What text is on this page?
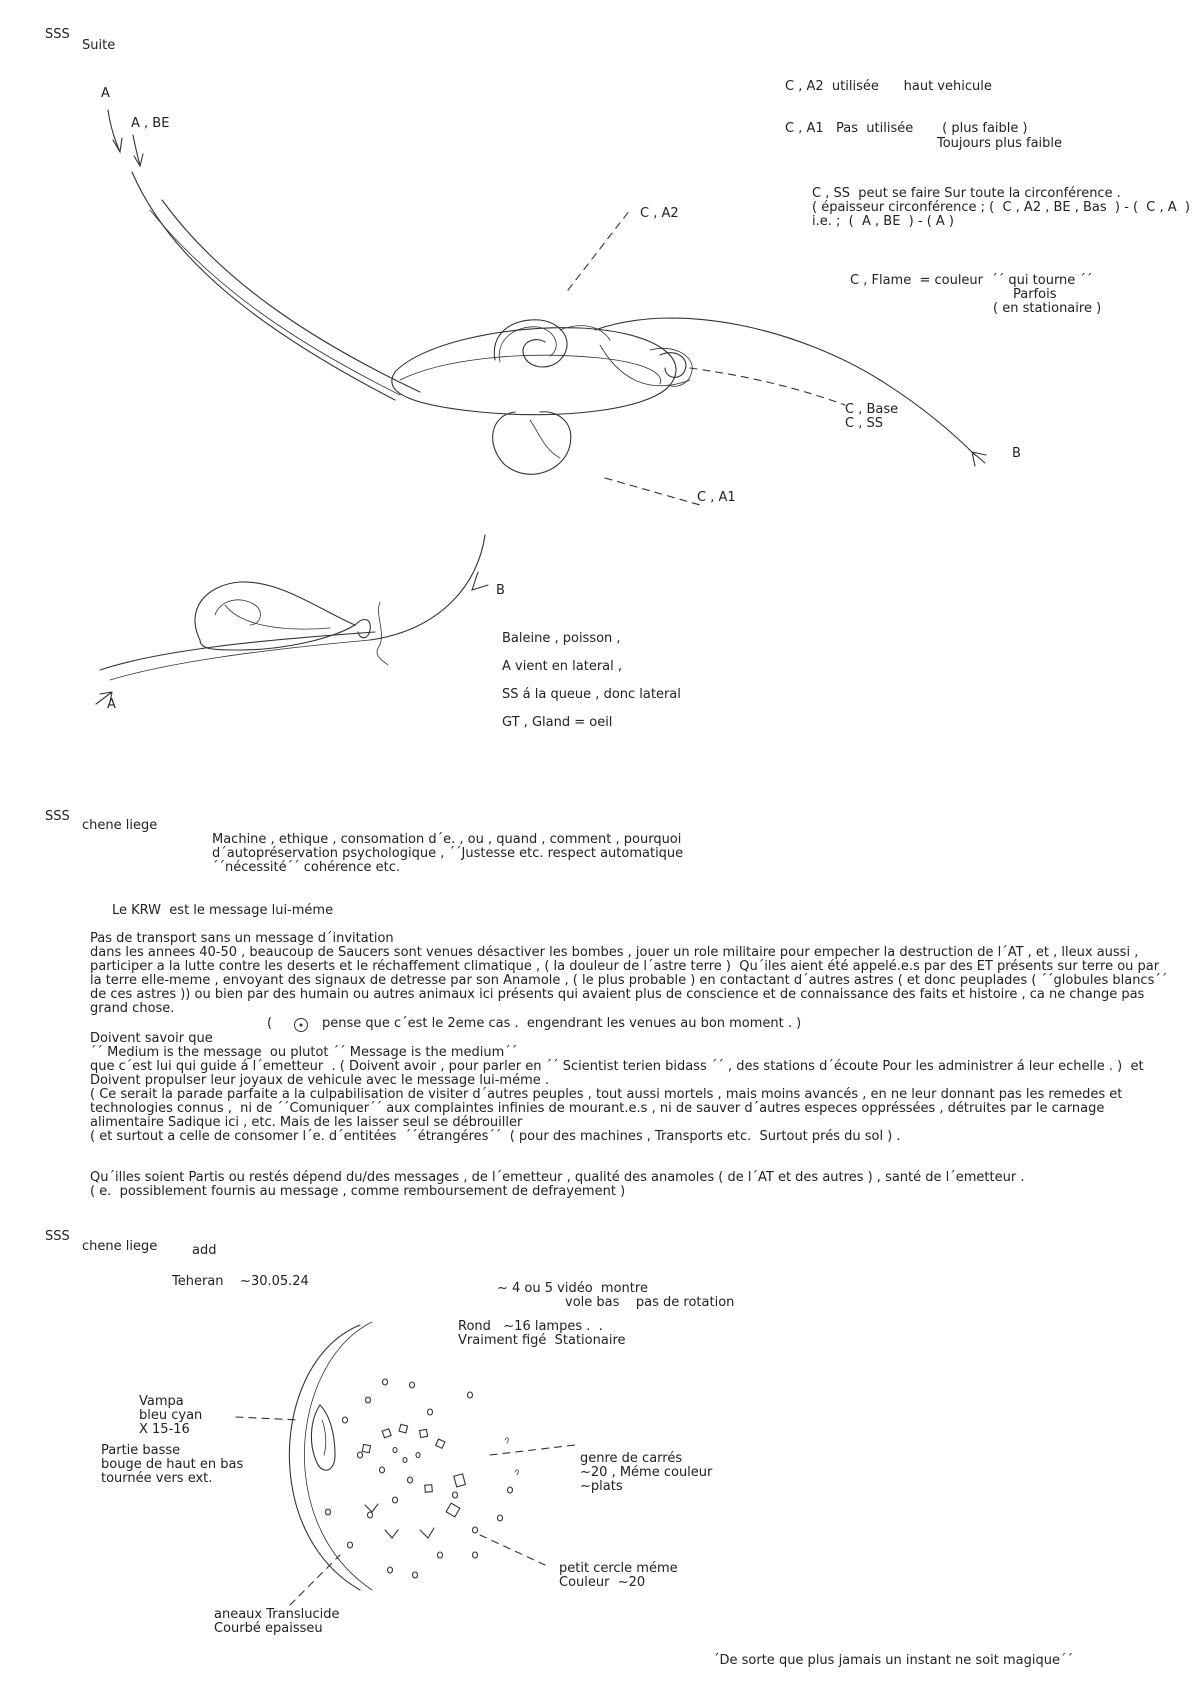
SSS
Suite
A
A , BE
C , A2
C , Base
C , SS
C , A1
B
C , A2  utilisée      haut vehicule
C , A1   Pas  utilisée       ( plus faible )
Toujours plus faible
C , SS  peut se faire Sur toute la circonférence .
( épaisseur circonférence ; (  C , A2 , BE , Bas  ) - (  C , A  )
i.e. ;  (  A , BE  ) - ( A )
C , Flame  = couleur  ´´ qui tourne ´´
Parfois
( en stationaire )
B
A
Baleine , poisson ,
A vient en lateral ,
SS á la queue , donc lateral
GT , Gland = oeil
SSS
chene liege
Machine , ethique , consomation d´e. , ou , quand , comment , pourquoi
d´autopréservation psychologique , ´´Justesse etc. respect automatique
´´nécessité´´ cohérence etc.
Le KRW  est le message lui-méme
Pas de transport sans un message d´invitation
dans les annees 40-50 , beaucoup de Saucers sont venues désactiver les bombes , jouer un role militaire pour empecher la destruction de l´AT , et , lleux aussi ,
participer a la lutte contre les deserts et le réchaffement climatique , ( la douleur de l´astre terre )  Qu´iles aient été appelé.e.s par des ET présents sur terre ou par
la terre elle-meme , envoyant des signaux de detresse par son Anamole , ( le plus probable ) en contactant d´autres astres ( et donc peuplades ( ´´globules blancs´´
de ces astres )) ou bien par des humain ou autres animaux ici présents qui avaient plus de conscience et de connaissance des faits et histoire , ca ne change pas
grand chose.
(	pense que c´est le 2eme cas .  engendrant les venues au bon moment . )
Doivent savoir que
´´ Medium is the message  ou plutot ´´ Message is the medium´´
que c´est lui qui guide á l´emetteur  . ( Doivent avoir , pour parler en ´´ Scientist terien bidass ´´ , des stations d´écoute Pour les administrer á leur echelle . )  et
Doivent propulser leur joyaux de vehicule avec le message lui-méme .
( Ce serait la parade parfaite a la culpabilisation de visiter d´autres peuples , tout aussi mortels , mais moins avancés , en ne leur donnant pas les remedes et
technologies connus ,  ni de ´´Comuniquer´´ aux complaintes infinies de mourant.e.s , ni de sauver d´autres especes oppréssées , détruites par le carnage
alimentaire Sadique ici , etc. Mais de les laisser seul se débrouiller
( et surtout a celle de consomer l´e. d´entitées  ´´étrangéres´´  ( pour des machines , Transports etc.  Surtout prés du sol ) .
Qu´illes soient Partis ou restés dépend du/des messages , de l´emetteur , qualité des anamoles ( de l´AT et des autres ) , santé de l´emetteur .
( e.  possiblement fournis au message , comme remboursement de defrayement )
SSS
chene liege	add
Teheran    ~30.05.24	~ 4 ou 5 vidéo  montre
vole bas    pas de rotation
Rond   ~16 lampes .  .
Vraiment figé  Stationaire
Vampa
bleu cyan
X 15-16
Partie basse
bouge de haut en bas
tournée vers ext.
genre de carrés
~20 , Méme couleur
~plats
petit cercle méme
Couleur  ~20
aneaux Translucide
Courbé epaisseu
´De sorte que plus jamais un instant ne soit magique´´
